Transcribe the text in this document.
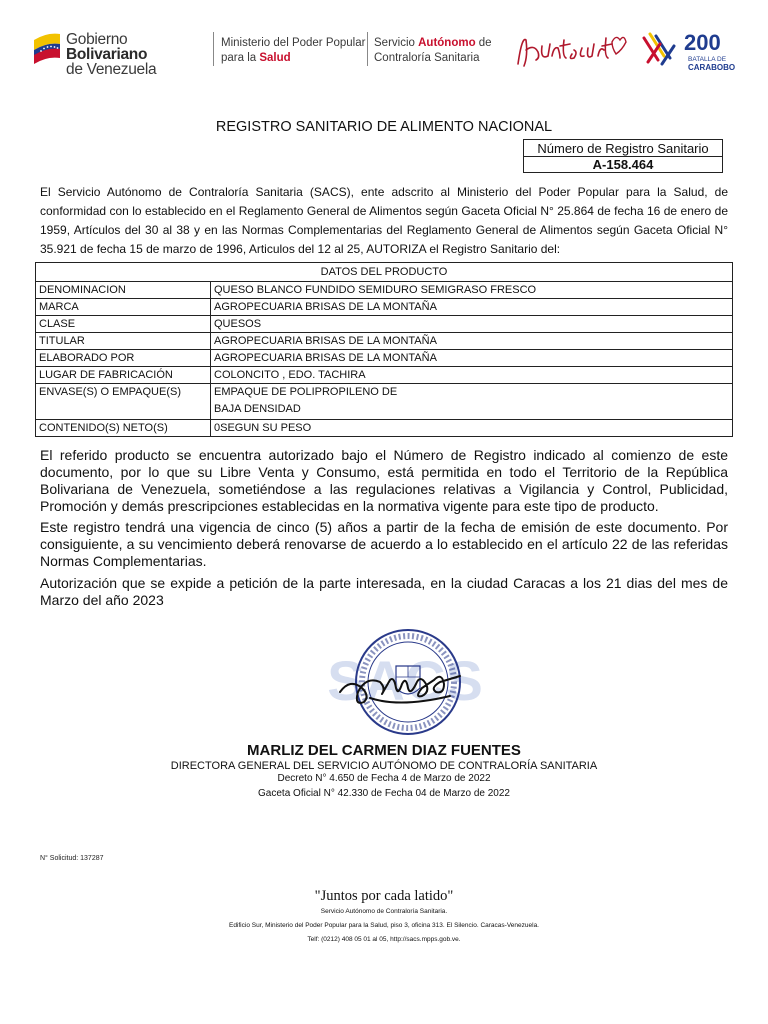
Gobierno Bolivariano
de Venezuela
Ministerio del Poder Popular
para la Salud
Servicio Autónomo de
Contraloría Sanitaria
200
BATALLA DE
CARABOBO
REGISTRO SANITARIO DE ALIMENTO NACIONAL
Número de Registro Sanitario
A-158.464
El Servicio Autónomo de Contraloría Sanitaria (SACS), ente adscrito al Ministerio del Poder Popular para la Salud, de conformidad con lo establecido en el Reglamento General de Alimentos según Gaceta Oficial N° 25.864 de fecha 16 de enero de 1959, Artículos del 30 al 38 y en las Normas Complementarias del Reglamento General de Alimentos según Gaceta Oficial N° 35.921 de fecha 15 de marzo de 1996, Articulos del 12 al 25, AUTORIZA el Registro Sanitario del:
DATOS DEL PRODUCTO	
DENOMINACION	QUESO BLANCO FUNDIDO SEMIDURO SEMIGRASO FRESCO
MARCA	AGROPECUARIA BRISAS DE LA MONTAÑA
CLASE	QUESOS
TITULAR	AGROPECUARIA BRISAS DE LA MONTAÑA
ELABORADO POR	AGROPECUARIA BRISAS DE LA MONTAÑA
LUGAR DE FABRICACIÓN	COLONCITO , EDO. TACHIRA
ENVASE(S) O EMPAQUE(S)	EMPAQUE DE POLIPROPILENO DE
BAJA DENSIDAD
CONTENIDO(S) NETO(S)	0SEGUN SU PESO
El referido producto se encuentra autorizado bajo el Número de Registro indicado al comienzo de este documento, por lo que su Libre Venta y Consumo, está permitida en todo el Territorio de la República Bolivariana de Venezuela, sometiéndose a las regulaciones relativas a Vigilancia y Control, Publicidad, Promoción y demás prescripciones establecidas en la normativa vigente para este tipo de producto.
Este registro tendrá una vigencia de cinco (5) años a partir de la fecha de emisión de este documento. Por consiguiente, a su vencimiento deberá renovarse de acuerdo a lo establecido en el artículo 22 de las referidas Normas Complementarias.
Autorización que se expide a petición de la parte interesada, en la ciudad Caracas a los 21 dias del mes de Marzo del año 2023
SACS
MARLIZ DEL CARMEN DIAZ FUENTES
DIRECTORA GENERAL DEL SERVICIO AUTÓNOMO DE CONTRALORÍA SANITARIA
Decreto N° 4.650 de Fecha 4 de Marzo de 2022
Gaceta Oficial N° 42.330 de Fecha 04 de Marzo de 2022
N° Solicitud: 137287
"Juntos por cada latido"
Servicio Autónomo de Contraloría Sanitaria.
Edificio Sur, Ministerio del Poder Popular para la Salud, piso 3, oficina 313. El Silencio. Caracas-Venezuela.
Telf: (0212) 408 05 01 al 05, http://sacs.mpps.gob.ve.
